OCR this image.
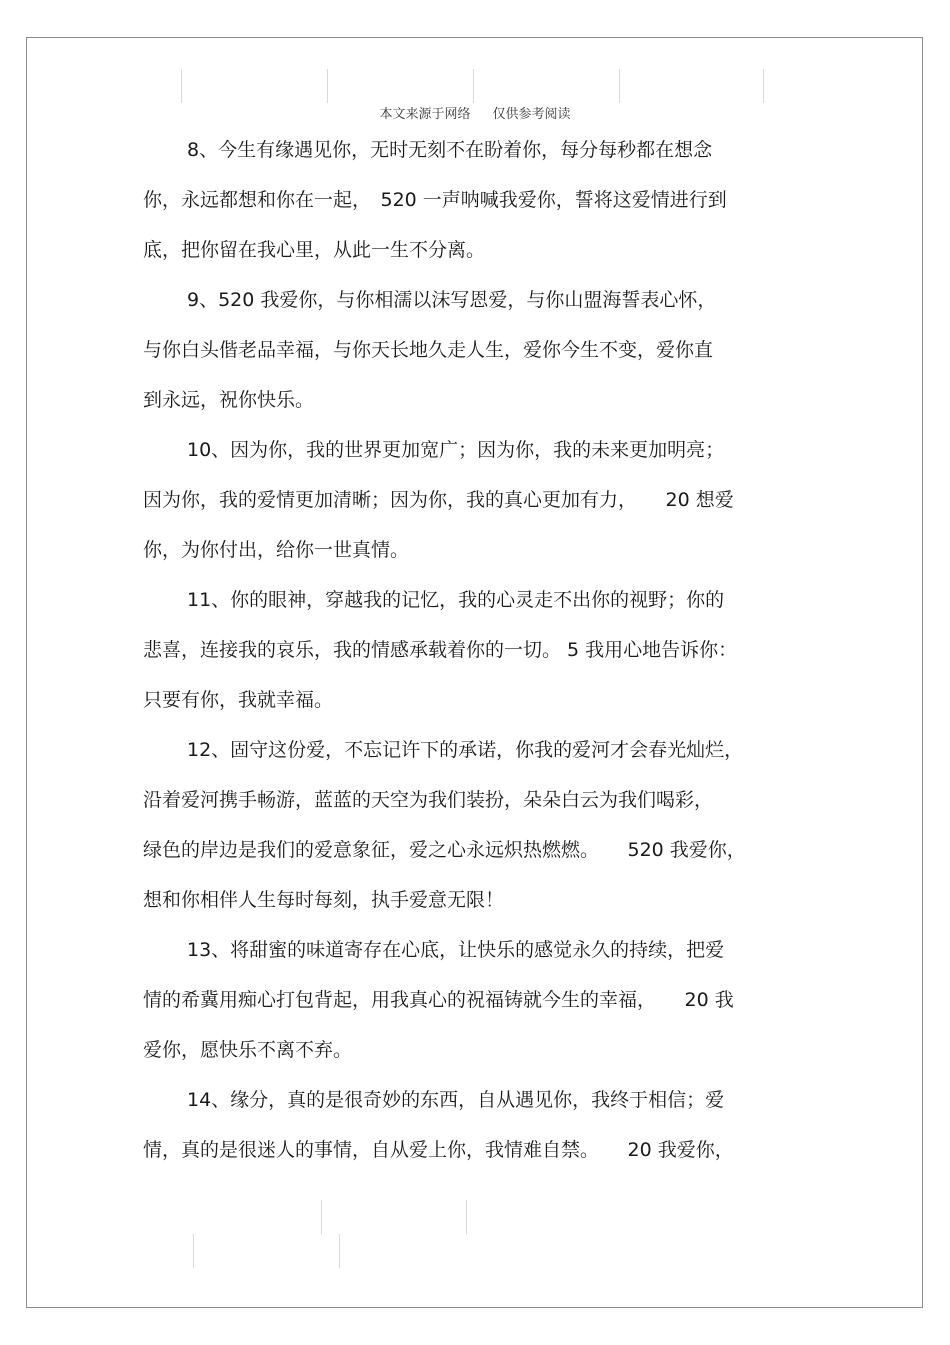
本文来源于网络 仅供参考阅读

8、今生有缘遇见你，无时无刻不在盼着你，每分每秒都在想念
你，永远都想和你在一起，　520 一声呐喊我爱你，誓将这爱情进行到
底，把你留在我心里，从此一生不分离。

9、520 我爱你，与你相濡以沫写恩爱，与你山盟海誓表心怀，
与你白头偕老品幸福，与你天长地久走人生，爱你今生不变，爱你直
到永远，祝你快乐。

10、因为你，我的世界更加宽广；因为你，我的未来更加明亮；
因为你，我的爱情更加清晰；因为你，我的真心更加有力，　　20 想爱
你，为你付出，给你一世真情。

11、你的眼神，穿越我的记忆，我的心灵走不出你的视野；你的
悲喜，连接我的哀乐，我的情感承载着你的一切。 5 我用心地告诉你：
只要有你，我就幸福。

12、固守这份爱，不忘记许下的承诺，你我的爱河才会春光灿烂，
沿着爱河携手畅游，蓝蓝的天空为我们装扮，朵朵白云为我们喝彩，
绿色的岸边是我们的爱意象征，爱之心永远炽热燃燃。　　520 我爱你，
想和你相伴人生每时每刻，执手爱意无限！

13、将甜蜜的味道寄存在心底，让快乐的感觉永久的持续，把爱
情的希冀用痴心打包背起，用我真心的祝福铸就今生的幸福，　　20 我
爱你，愿快乐不离不弃。

14、缘分，真的是很奇妙的东西，自从遇见你，我终于相信；爱
情，真的是很迷人的事情，自从爱上你，我情难自禁。　　20 我爱你，
